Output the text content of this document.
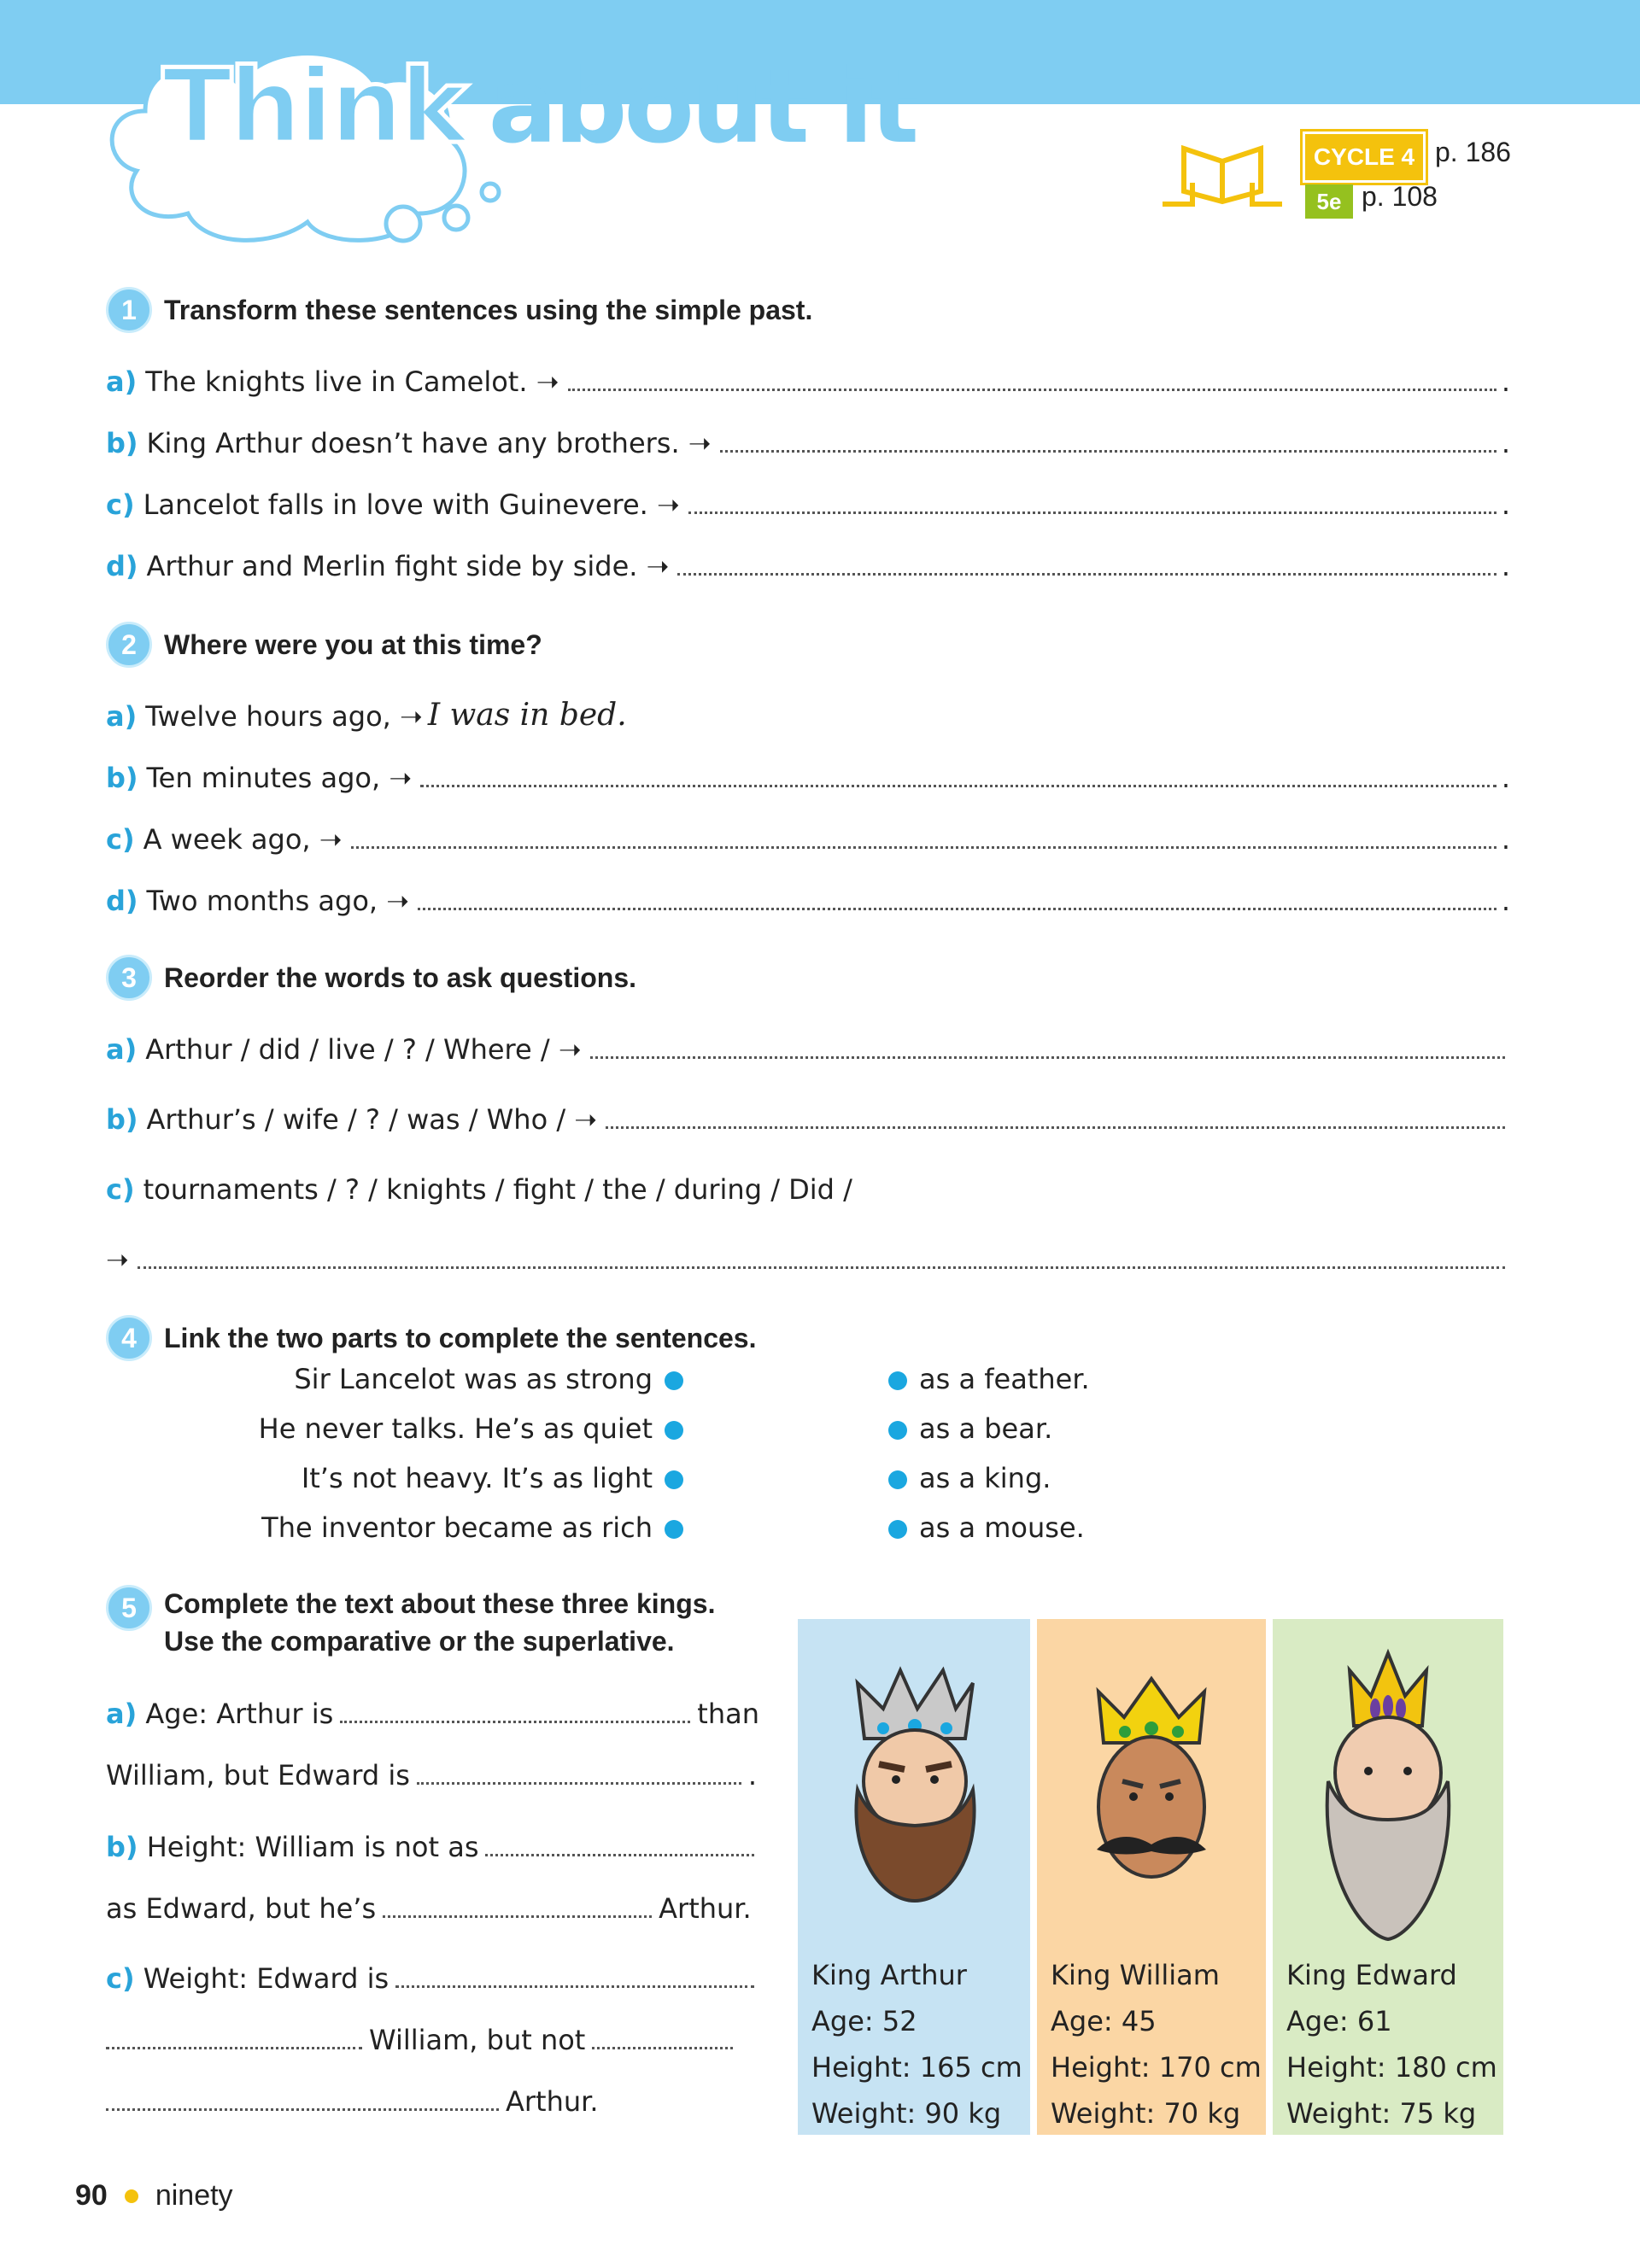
Think about it	CYCLE 4 p. 186
5e p. 108
1	Transform these sentences using the simple past.
a) The knights live in Camelot. ➝	.
b) King Arthur doesn’t have any brothers. ➝	.
c) Lancelot falls in love with Guinevere. ➝	.
d) Arthur and Merlin fight side by side. ➝	.
2	Where were you at this time?
a) Twelve hours ago, ➝ I was in bed.
b) Ten minutes ago, ➝	.
c) A week ago, ➝	.
d) Two months ago, ➝	.
3	Reorder the words to ask questions.
a) Arthur / did / live / ? / Where / ➝
b) Arthur’s / wife / ? / was / Who / ➝
c) tournaments / ? / knights / fight / the / during / Did /
➝
4	Link the two parts to complete the sentences.
Sir Lancelot was as strong
He never talks. He’s as quiet
It’s not heavy. It’s as light
The inventor became as rich
as a feather.
as a bear.
as a king.
as a mouse.
5	Complete the text about these three kings.
Use the comparative or the superlative.
a) Age: Arthur is	than
William, but Edward is	.
b) Height: William is not as
as Edward, but he’s	Arthur.
c) Weight: Edward is
William, but not
Arthur.
King Arthur
Age: 52
Height: 165 cm
Weight: 90 kg
King William
Age: 45
Height: 170 cm
Weight: 70 kg
King Edward
Age: 61
Height: 180 cm
Weight: 75 kg
90 ninety
